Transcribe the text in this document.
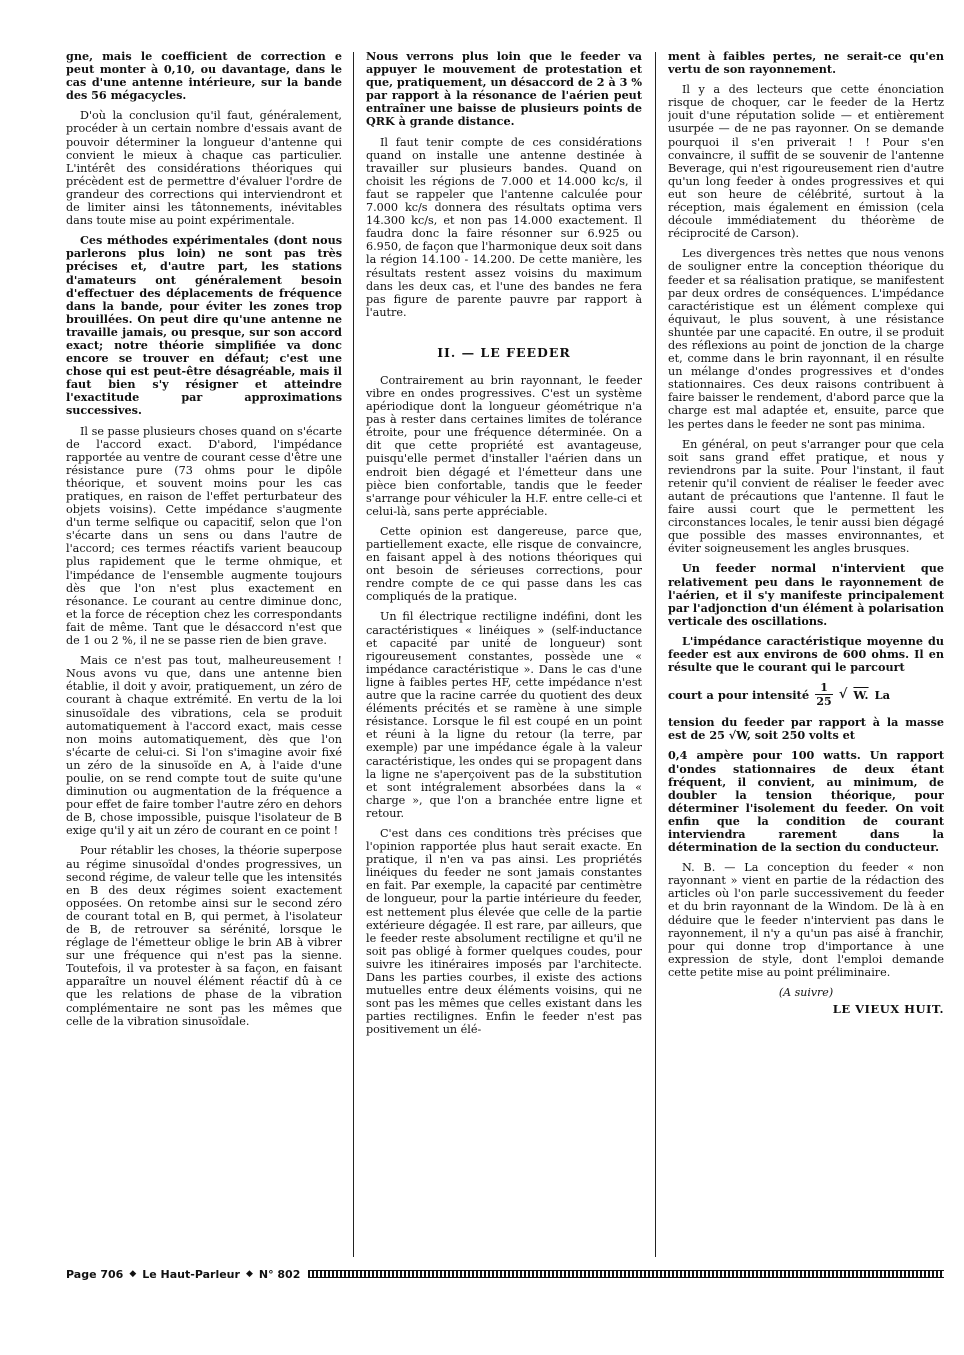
gne, mais le coefficient de correction e peut monter à 0,10, ou davantage, dans le cas d'une antenne intérieure, sur la bande des 56 mégacycles.

D'où la conclusion qu'il faut, généralement, procéder à un certain nombre d'essais avant de pouvoir déterminer la longueur d'antenne qui convient le mieux à chaque cas particulier. L'intérêt des considérations théoriques qui précèdent est de permettre d'évaluer l'ordre de grandeur des corrections qui interviendront et de limiter ainsi les tâtonnements, inévitables dans toute mise au point expérimentale.

Ces méthodes expérimentales (dont nous parlerons plus loin) ne sont pas très précises et, d'autre part, les stations d'amateurs ont généralement besoin d'effectuer des déplacements de fréquence dans la bande, pour éviter les zones trop brouillées. On peut dire qu'une antenne ne travaille jamais, ou presque, sur son accord exact; notre théorie simplifiée va donc encore se trouver en défaut; c'est une chose qui est peut-être désagréable, mais il faut bien s'y résigner et atteindre l'exactitude par approximations successives.

Il se passe plusieurs choses quand on s'écarte de l'accord exact. D'abord, l'impédance rapportée au ventre de courant cesse d'être une résistance pure (73 ohms pour le dipôle théorique, et souvent moins pour les cas pratiques, en raison de l'effet perturbateur des objets voisins). Cette impédance s'augmente d'un terme selfique ou capacitif, selon que l'on s'écarte dans un sens ou dans l'autre de l'accord; ces termes réactifs varient beaucoup plus rapidement que le terme ohmique, et l'impédance de l'ensemble augmente toujours dès que l'on n'est plus exactement en résonance. Le courant au centre diminue donc, et la force de réception chez les correspondants fait de même. Tant que le désaccord n'est que de 1 ou 2 %, il ne se passe rien de bien grave.

Mais ce n'est pas tout, malheureusement ! Nous avons vu que, dans une antenne bien établie, il doit y avoir, pratiquement, un zéro de courant à chaque extrémité. En vertu de la loi sinusoïdale des vibrations, cela se produit automatiquement à l'accord exact, mais cesse non moins automatiquement, dès que l'on s'écarte de celui-ci. Si l'on s'imagine avoir fixé un zéro de la sinusoïde en A, à l'aide d'une poulie, on se rend compte tout de suite qu'une diminution ou augmentation de la fréquence a pour effet de faire tomber l'autre zéro en dehors de B, chose impossible, puisque l'isolateur de B exige qu'il y ait un zéro de courant en ce point !

Pour rétablir les choses, la théorie superpose au régime sinusoïdal d'ondes progressives, un second régime, de valeur telle que les intensités en B des deux régimes soient exactement opposées. On retombe ainsi sur le second zéro de courant total en B, qui permet, à l'isolateur de B, de retrouver sa sérénité, lorsque le réglage de l'émetteur oblige le brin AB à vibrer sur une fréquence qui n'est pas la sienne. Toutefois, il va protester à sa façon, en faisant apparaître un nouvel élément réactif dû à ce que les relations de phase de la vibration complémentaire ne sont pas les mêmes que celle de la vibration sinusoïdale.

Nous verrons plus loin que le feeder va appuyer le mouvement de protestation et que, pratiquement, un désaccord de 2 à 3 % par rapport à la résonance de l'aérien peut entraîner une baisse de plusieurs points de QRK à grande distance.

Il faut tenir compte de ces considérations quand on installe une antenne destinée à travailler sur plusieurs bandes. Quand on choisit les régions de 7.000 et 14.000 kc/s, il faut se rappeler que l'antenne calculée pour 7.000 kc/s donnera des résultats optima vers 14.300 kc/s, et non pas 14.000 exactement. Il faudra donc la faire résonner sur 6.925 ou 6.950, de façon que l'harmonique deux soit dans la région 14.100 - 14.200. De cette manière, les résultats restent assez voisins du maximum dans les deux cas, et l'une des bandes ne fera pas figure de parente pauvre par rapport à l'autre.

II. — LE FEEDER

Contrairement au brin rayonnant, le feeder vibre en ondes progressives. C'est un système apériodique dont la longueur géométrique n'a pas à rester dans certaines limites de tolérance étroite, pour une fréquence déterminée. On a dit que cette propriété est avantageuse, puisqu'elle permet d'installer l'aérien dans un endroit bien dégagé et l'émetteur dans une pièce bien confortable, tandis que le feeder s'arrange pour véhiculer la H.F. entre celle-ci et celui-là, sans perte appréciable.

Cette opinion est dangereuse, parce que, partiellement exacte, elle risque de convaincre, en faisant appel à des notions théoriques qui ont besoin de sérieuses corrections, pour rendre compte de ce qui passe dans les cas compliqués de la pratique.

Un fil électrique rectiligne indéfini, dont les caractéristiques « linéiques » (self-inductance et capacité par unité de longueur) sont rigoureusement constantes, possède une « impédance caractéristique ». Dans le cas d'une ligne à faibles pertes HF, cette impédance n'est autre que la racine carrée du quotient des deux éléments précités et se ramène à une simple résistance. Lorsque le fil est coupé en un point et réuni à la ligne du retour (la terre, par exemple) par une impédance égale à la valeur caractéristique, les ondes qui se propagent dans la ligne ne s'aperçoivent pas de la substitution et sont intégralement absorbées dans la « charge », que l'on a branchée entre ligne et retour.

C'est dans ces conditions très précises que l'opinion rapportée plus haut serait exacte. En pratique, il n'en va pas ainsi. Les propriétés linéiques du feeder ne sont jamais constantes en fait. Par exemple, la capacité par centimètre de longueur, pour la partie intérieure du feeder, est nettement plus élevée que celle de la partie extérieure dégagée. Il est rare, par ailleurs, que le feeder reste absolument rectiligne et qu'il ne soit pas obligé à former quelques coudes, pour suivre les itinéraires imposés par l'architecte. Dans les parties courbes, il existe des actions mutuelles entre deux éléments voisins, qui ne sont pas les mêmes que celles existant dans les parties rectilignes. Enfin le feeder n'est pas positivement un élé-

ment à faibles pertes, ne serait-ce qu'en vertu de son rayonnement.

Il y a des lecteurs que cette énonciation risque de choquer, car le feeder de la Hertz jouit d'une réputation solide — et entièrement usurpée — de ne pas rayonner. On se demande pourquoi il s'en priverait ! ! Pour s'en convaincre, il suffit de se souvenir de l'antenne Beverage, qui n'est rigoureusement rien d'autre qu'un long feeder à ondes progressives et qui eut son heure de célébrité, surtout à la réception, mais également en émission (cela découle immédiatement du théorème de réciprocité de Carson).

Les divergences très nettes que nous venons de souligner entre la conception théorique du feeder et sa réalisation pratique, se manifestent par deux ordres de conséquences. L'impédance caractéristique est un élément complexe qui équivaut, le plus souvent, à une résistance shuntée par une capacité. En outre, il se produit des réflexions au point de jonction de la charge et, comme dans le brin rayonnant, il en résulte un mélange d'ondes progressives et d'ondes stationnaires. Ces deux raisons contribuent à faire baisser le rendement, d'abord parce que la charge est mal adaptée et, ensuite, parce que les pertes dans le feeder ne sont pas minima.

En général, on peut s'arranger pour que cela soit sans grand effet pratique, et nous y reviendrons par la suite. Pour l'instant, il faut retenir qu'il convient de réaliser le feeder avec autant de précautions que l'antenne. Il faut le faire aussi court que le permettent les circonstances locales, le tenir aussi bien dégagé que possible des masses environnantes, et éviter soigneusement les angles brusques.

Un feeder normal n'intervient que relativement peu dans le rayonnement de l'aérien, et il s'y manifeste principalement par l'adjonction d'un élément à polarisation verticale des oscillations.

L'impédance caractéristique moyenne du feeder est aux environs de 600 ohms. Il en résulte que le courant qui le parcourt

court a pour intensité $\frac{1}{25}$ √ W. La

tension du feeder par rapport à la masse est de 25 √W, soit 250 volts et

0,4 ampère pour 100 watts. Un rapport d'ondes stationnaires de deux étant fréquent, il convient, au minimum, de doubler la tension théorique, pour déterminer l'isolement du feeder. On voit enfin que la condition de courant interviendra rarement dans la détermination de la section du conducteur.

N. B. — La conception du feeder « non rayonnant » vient en partie de la rédaction des articles où l'on parle successivement du feeder et du brin rayonnant de la Windom. De là à en déduire que le feeder n'intervient pas dans le rayonnement, il n'y a qu'un pas aisé à franchir, pour qui donne trop d'importance à une expression de style, dont l'emploi demande cette petite mise au point préliminaire.

(A suivre)
LE VIEUX HUIT.
Page 706 ◆ Le Haut-Parleur ◆ N° 802
